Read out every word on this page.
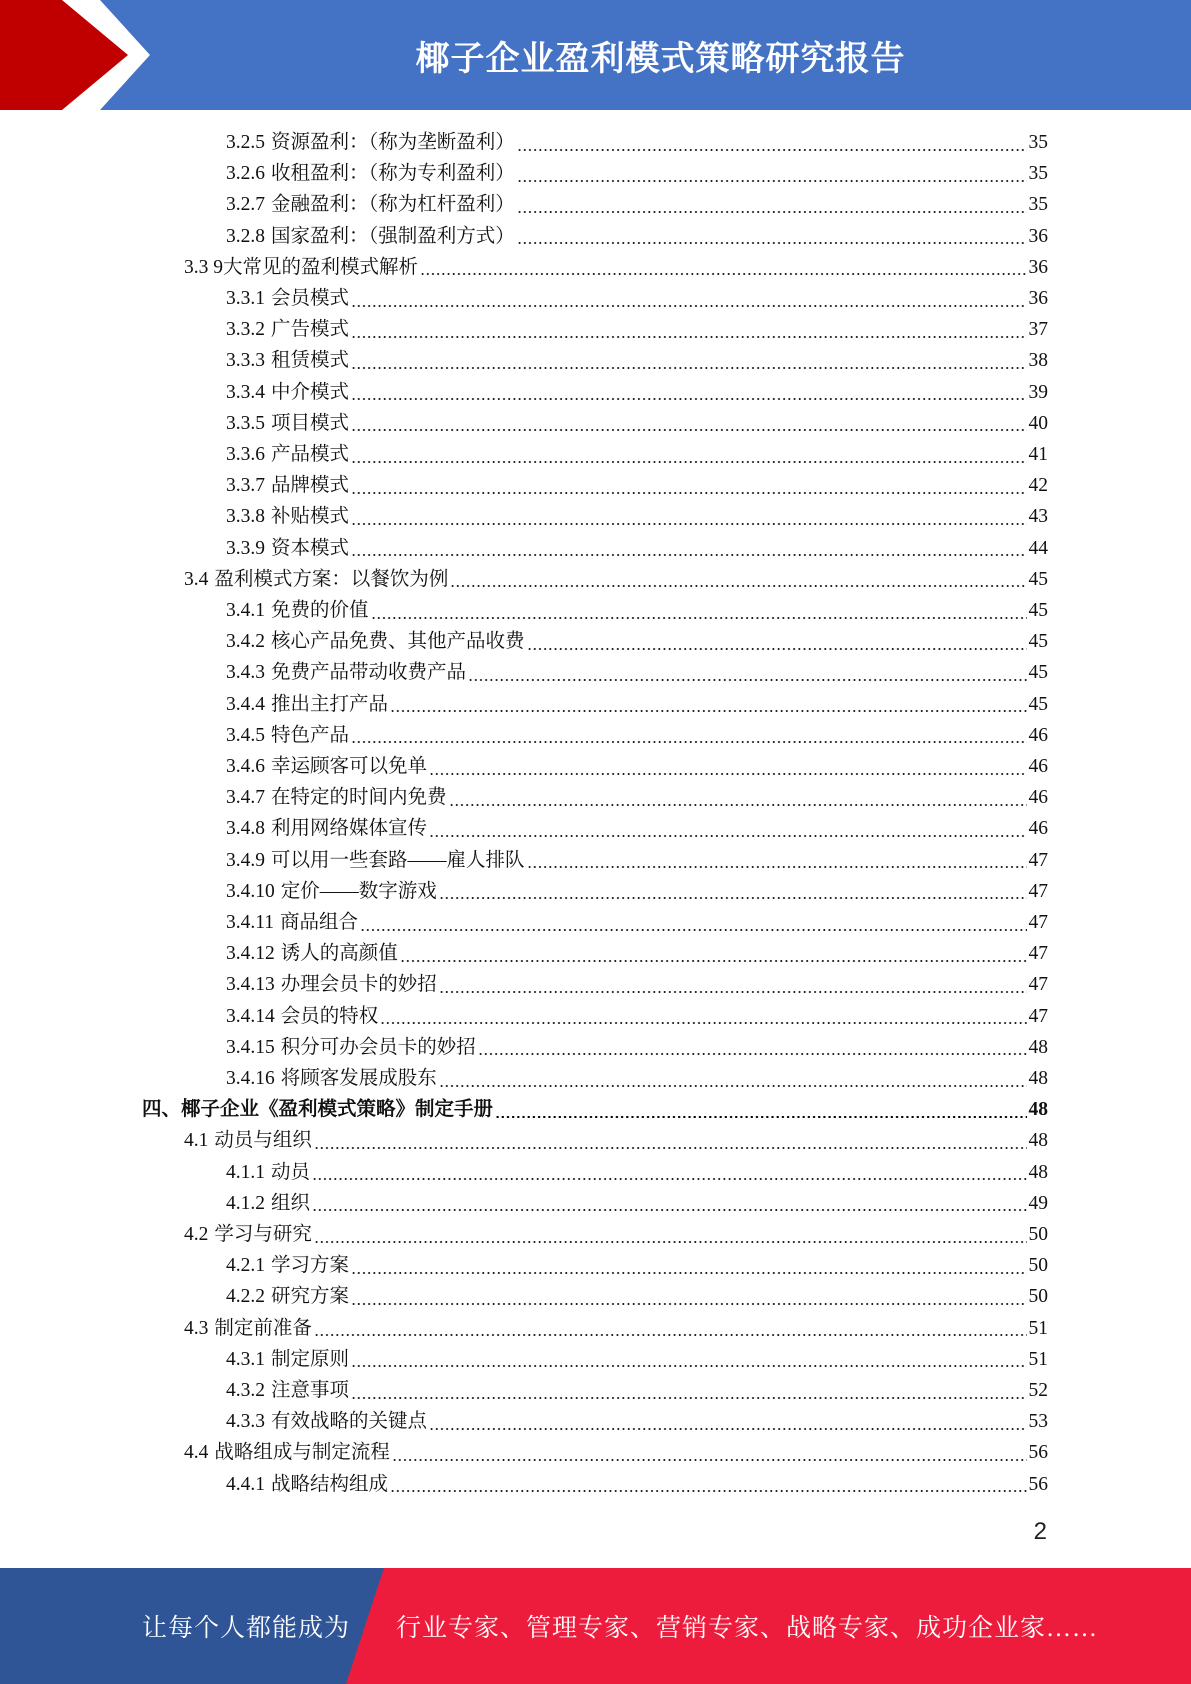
椰子企业盈利模式策略研究报告
3.2.5 资源盈利：（称为垄断盈利）	35
3.2.6 收租盈利：（称为专利盈利）	35
3.2.7 金融盈利：（称为杠杆盈利）	35
3.2.8 国家盈利：（强制盈利方式）	36
3.3 9大常见的盈利模式解析	36
3.3.1 会员模式	36
3.3.2 广告模式	37
3.3.3 租赁模式	38
3.3.4 中介模式	39
3.3.5 项目模式	40
3.3.6 产品模式	41
3.3.7 品牌模式	42
3.3.8 补贴模式	43
3.3.9 资本模式	44
3.4 盈利模式方案：以餐饮为例	45
3.4.1 免费的价值	45
3.4.2 核心产品免费、其他产品收费	45
3.4.3 免费产品带动收费产品	45
3.4.4 推出主打产品	45
3.4.5 特色产品	46
3.4.6 幸运顾客可以免单	46
3.4.7 在特定的时间内免费	46
3.4.8 利用网络媒体宣传	46
3.4.9 可以用一些套路——雇人排队	47
3.4.10 定价——数字游戏	47
3.4.11 商品组合	47
3.4.12 诱人的高颜值	47
3.4.13 办理会员卡的妙招	47
3.4.14 会员的特权	47
3.4.15 积分可办会员卡的妙招	48
3.4.16 将顾客发展成股东	48
四、椰子企业《盈利模式策略》制定手册	48
4.1 动员与组织	48
4.1.1 动员	48
4.1.2 组织	49
4.2 学习与研究	50
4.2.1 学习方案	50
4.2.2 研究方案	50
4.3 制定前准备	51
4.3.1 制定原则	51
4.3.2 注意事项	52
4.3.3 有效战略的关键点	53
4.4 战略组成与制定流程	56
4.4.1 战略结构组成	56
2
让每个人都能成为 行业专家、管理专家、营销专家、战略专家、成功企业家……
